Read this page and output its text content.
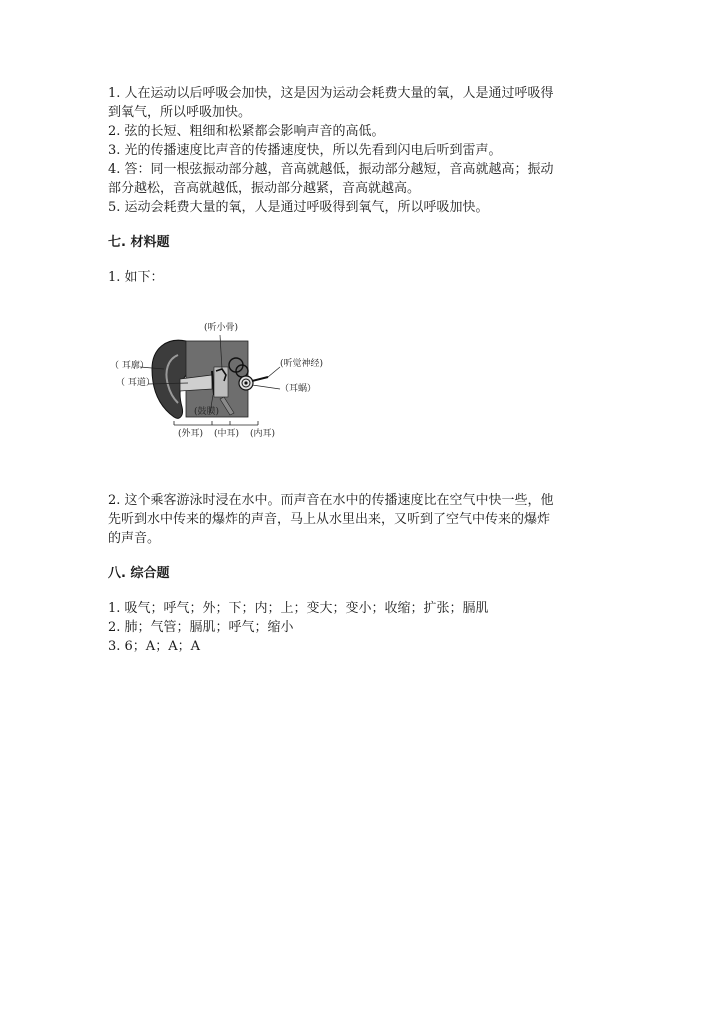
1. 人在运动以后呼吸会加快，这是因为运动会耗费大量的氧，人是通过呼吸得

到氧气，所以呼吸加快。

2. 弦的长短、粗细和松紧都会影响声音的高低。

3. 光的传播速度比声音的传播速度快，所以先看到闪电后听到雷声。

4. 答：同一根弦振动部分越，音高就越低，振动部分越短，音高就越高；振动

部分越松，音高就越低，振动部分越紧，音高就越高。

5. 运动会耗费大量的氧，人是通过呼吸得到氧气，所以呼吸加快。

七. 材料题

1. 如下：

(听小骨)
（ 耳廓）
（ 耳道）
(听觉神经)
（耳蜗）
(鼓膜)
(外耳) (中耳) (内耳)

2. 这个乘客游泳时浸在水中。而声音在水中的传播速度比在空气中快一些，他

先听到水中传来的爆炸的声音，马上从水里出来，又听到了空气中传来的爆炸

的声音。

八. 综合题

1. 吸气；呼气；外；下；内；上；变大；变小；收缩；扩张；膈肌

2. 肺；气管；膈肌；呼气；缩小

3. 6；A；A；A
